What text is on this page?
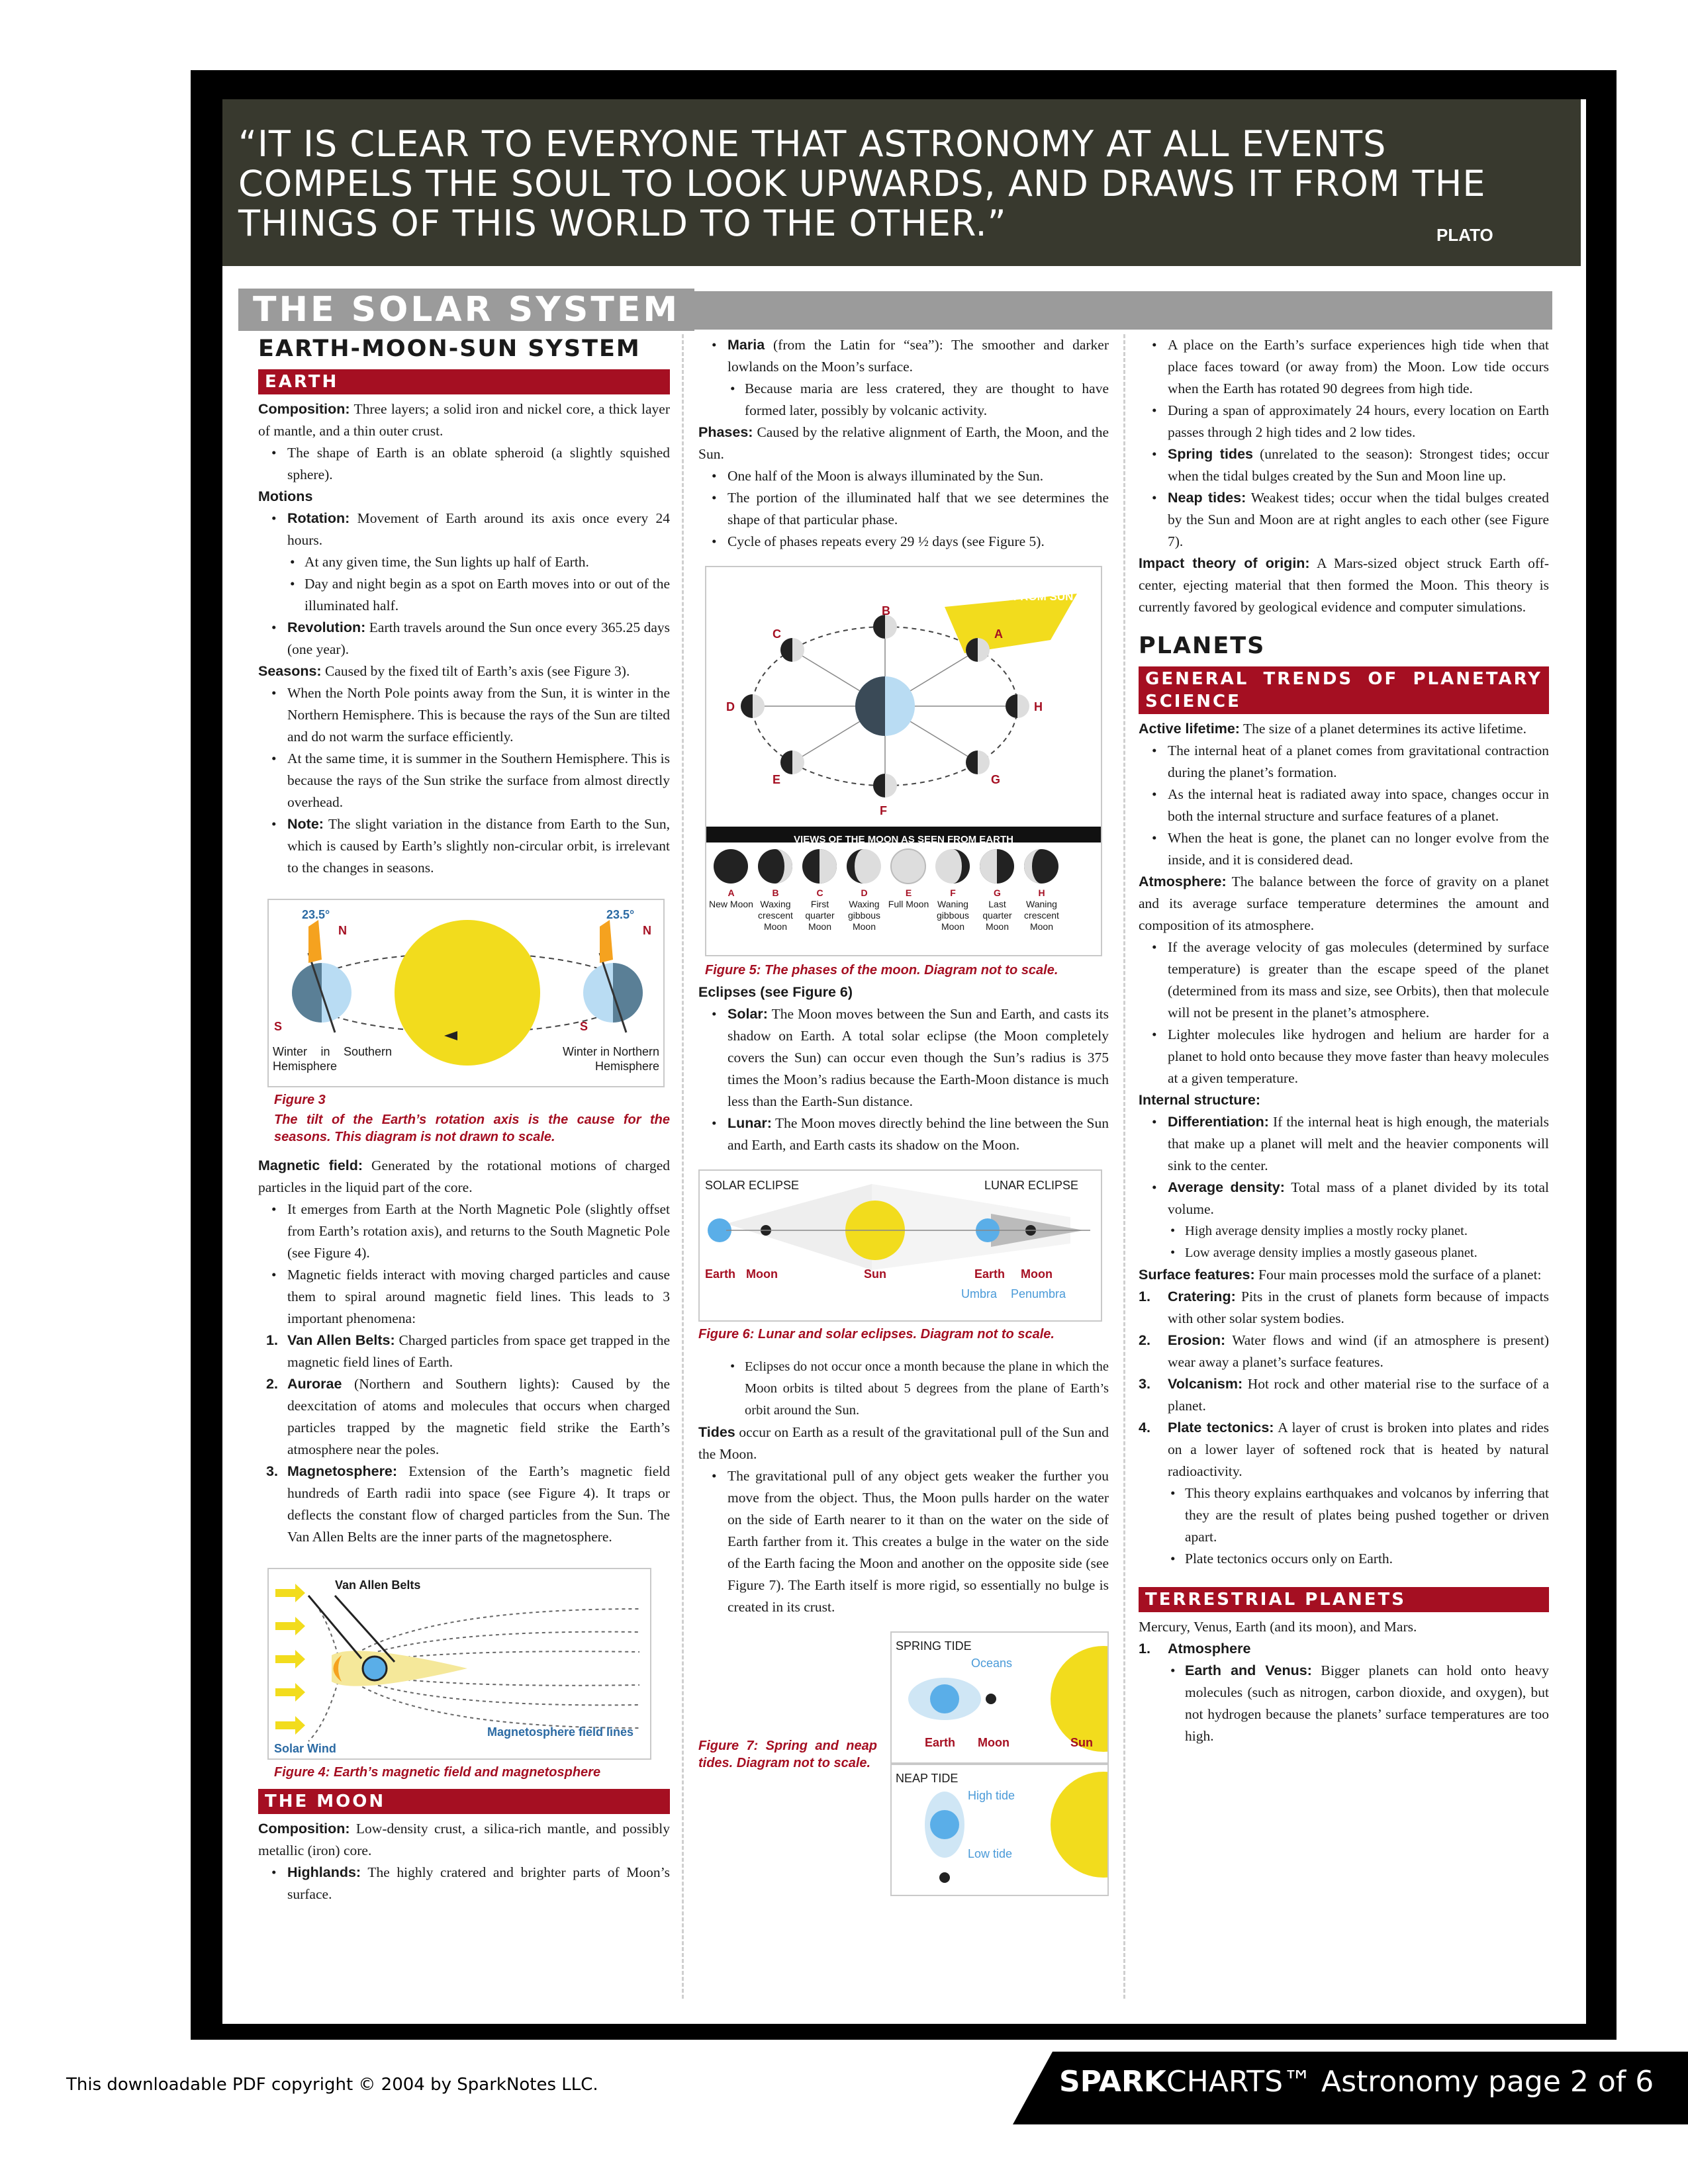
“IT IS CLEAR TO EVERYONE THAT ASTRONOMY AT ALL EVENTS COMPELS THE SOUL TO LOOK UPWARDS, AND DRAWS IT FROM THE THINGS OF THIS WORLD TO THE OTHER.”	PLATO
THE SOLAR SYSTEM
EARTH-MOON-SUN SYSTEM
EARTH

Composition: Three layers; a solid iron and nickel core, a thick layer of mantle, and a thin outer crust.

• The shape of Earth is an oblate spheroid (a slightly squished sphere).

Motions

• Rotation: Movement of Earth around its axis once every 24 hours.

• At any given time, the Sun lights up half of Earth.

• Day and night begin as a spot on Earth moves into or out of the illuminated half.

• Revolution: Earth travels around the Sun once every 365.25 days (one year).

Seasons: Caused by the fixed tilt of Earth’s axis (see Figure 3).

• When the North Pole points away from the Sun, it is winter in the Northern Hemisphere. This is because the rays of the Sun are tilted and do not warm the surface efficiently.

• At the same time, it is summer in the Southern Hemisphere. This is because the rays of the Sun strike the surface from almost directly overhead.

• Note: The slight variation in the distance from Earth to the Sun, which is caused by Earth’s slightly non-circular orbit, is irrelevant to the changes in seasons.

23.5°	23.5°
N	N
S	S
Winter in Southern Hemisphere
Winter in Northern Hemisphere

Figure 3

The tilt of the Earth’s rotation axis is the cause for the seasons. This diagram is not drawn to scale.

Magnetic field: Generated by the rotational motions of charged particles in the liquid part of the core.

• It emerges from Earth at the North Magnetic Pole (slightly offset from Earth’s rotation axis), and returns to the South Magnetic Pole (see Figure 4).

• Magnetic fields interact with moving charged particles and cause them to spiral around magnetic field lines. This leads to 3 important phenomena:

1. Van Allen Belts: Charged particles from space get trapped in the magnetic field lines of Earth.

2. Aurorae (Northern and Southern lights): Caused by the deexcitation of atoms and molecules that occurs when charged particles trapped by the magnetic field strike the Earth’s atmosphere near the poles.

3. Magnetosphere: Extension of the Earth’s magnetic field hundreds of Earth radii into space (see Figure 4). It traps or deflects the constant flow of charged particles from the Sun. The Van Allen Belts are the inner parts of the magnetosphere.

Van Allen Belts
Solar Wind
Magnetosphere field lines

Figure 4: Earth’s magnetic field and magnetosphere

THE MOON

Composition: Low-density crust, a silica-rich mantle, and possibly metallic (iron) core.

• Highlands: The highly cratered and brighter parts of Moon’s surface.

• Maria (from the Latin for “sea”): The smoother and darker lowlands on the Moon’s surface.

• Because maria are less cratered, they are thought to have formed later, possibly by volcanic activity.

Phases: Caused by the relative alignment of Earth, the Moon, and the Sun.

• One half of the Moon is always illuminated by the Sun.

• The portion of the illuminated half that we see determines the shape of that particular phase.

• Cycle of phases repeats every 29 ½ days (see Figure 5).

LIGHT FROM SUN
B
A
H
G
F
E
D
C
VIEWS OF THE MOON AS SEEN FROM EARTH
A
New Moon
B
Waxing crescent Moon
C
First quarter Moon
D
Waxing gibbous Moon
E
Full Moon
F
Waning gibbous Moon
G
Last quarter Moon
H
Waning crescent Moon

Figure 5: The phases of the moon. Diagram not to scale.

Eclipses (see Figure 6)

• Solar: The Moon moves between the Sun and Earth, and casts its shadow on Earth. A total solar eclipse (the Moon completely covers the Sun) can occur even though the Sun’s radius is 375 times the Moon’s radius because the Earth-Moon distance is much less than the Earth-Sun distance.

• Lunar: The Moon moves directly behind the line between the Sun and Earth, and Earth casts its shadow on the Moon.

SOLAR ECLIPSE	LUNAR ECLIPSE
Earth Moon	Sun	Earth Moon
Umbra Penumbra

Figure 6: Lunar and solar eclipses. Diagram not to scale.

• Eclipses do not occur once a month because the plane in which the Moon orbits is tilted about 5 degrees from the plane of Earth’s orbit around the Sun.

Tides occur on Earth as a result of the gravitational pull of the Sun and the Moon.

• The gravitational pull of any object gets weaker the further you move from the object. Thus, the Moon pulls harder on the water on the side of Earth nearer to it than on the water on the side of Earth farther from it. This creates a bulge in the water on the side of the Earth facing the Moon and another on the opposite side (see Figure 7). The Earth itself is more rigid, so essentially no bulge is created in its crust.

Figure 7: Spring and neap tides. Diagram not to scale.

SPRING TIDE
Oceans
Earth Moon	Sun
NEAP TIDE
High tide
Low tide

• A place on the Earth’s surface experiences high tide when that place faces toward (or away from) the Moon. Low tide occurs when the Earth has rotated 90 degrees from high tide.

• During a span of approximately 24 hours, every location on Earth passes through 2 high tides and 2 low tides.

• Spring tides (unrelated to the season): Strongest tides; occur when the tidal bulges created by the Sun and Moon line up.

• Neap tides: Weakest tides; occur when the tidal bulges created by the Sun and Moon are at right angles to each other (see Figure 7).

Impact theory of origin: A Mars-sized object struck Earth off-center, ejecting material that then formed the Moon. This theory is currently favored by geological evidence and computer simulations.

PLANETS
GENERAL TRENDS OF PLANETARY SCIENCE

Active lifetime: The size of a planet determines its active lifetime.

• The internal heat of a planet comes from gravitational contraction during the planet’s formation.

• As the internal heat is radiated away into space, changes occur in both the internal structure and surface features of a planet.

• When the heat is gone, the planet can no longer evolve from the inside, and it is considered dead.

Atmosphere: The balance between the force of gravity on a planet and its average surface temperature determines the amount and composition of its atmosphere.

• If the average velocity of gas molecules (determined by surface temperature) is greater than the escape speed of the planet (determined from its mass and size, see Orbits), then that molecule will not be present in the planet’s atmosphere.

• Lighter molecules like hydrogen and helium are harder for a planet to hold onto because they move faster than heavy molecules at a given temperature.

Internal structure:

• Differentiation: If the internal heat is high enough, the materials that make up a planet will melt and the heavier components will sink to the center.

• Average density: Total mass of a planet divided by its total volume.

• High average density implies a mostly rocky planet.

• Low average density implies a mostly gaseous planet.

Surface features: Four main processes mold the surface of a planet:

1. Cratering: Pits in the crust of planets form because of impacts with other solar system bodies.

2. Erosion: Water flows and wind (if an atmosphere is present) wear away a planet’s surface features.

3. Volcanism: Hot rock and other material rise to the surface of a planet.

4. Plate tectonics: A layer of crust is broken into plates and rides on a lower layer of softened rock that is heated by natural radioactivity.

• This theory explains earthquakes and volcanos by inferring that they are the result of plates being pushed together or driven apart.

• Plate tectonics occurs only on Earth.

TERRESTRIAL PLANETS

Mercury, Venus, Earth (and its moon), and Mars.

1. Atmosphere

• Earth and Venus: Bigger planets can hold onto heavy molecules (such as nitrogen, carbon dioxide, and oxygen), but not hydrogen because the planets’ surface temperatures are too high.

This downloadable PDF copyright © 2004 by SparkNotes LLC.	SPARKCHARTS™ Astronomy page 2 of 6
